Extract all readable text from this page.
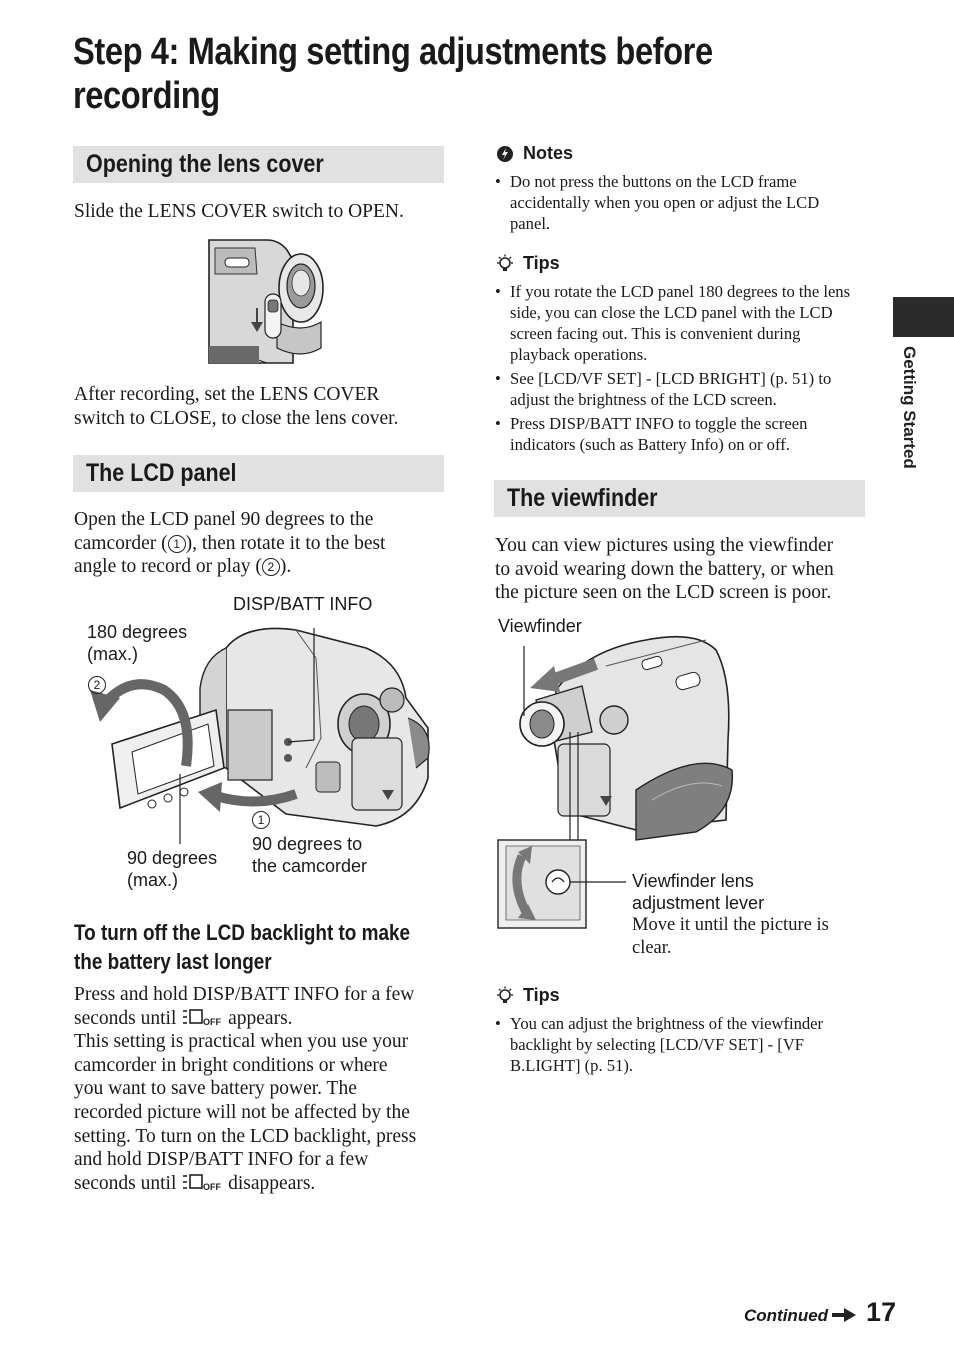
Step 4: Making setting adjustments before
recording
Getting Started
Opening the lens cover
Slide the LENS COVER switch to OPEN.
After recording, set the LENS COVER
switch to CLOSE, to close the lens cover.
The LCD panel
Open the LCD panel 90 degrees to the
camcorder ( 1 ), then rotate it to the best
angle to record or play ( 2 ).
DISP/BATT INFO
180 degrees
(max.)
2
1
90 degrees to
the camcorder
90 degrees
(max.)
To turn off the LCD backlight to make
the battery last longer
Press and hold DISP/BATT INFO for a few
seconds until OFF appears.
This setting is practical when you use your
camcorder in bright conditions or where
you want to save battery power. The
recorded picture will not be affected by the
setting. To turn on the LCD backlight, press
and hold DISP/BATT INFO for a few
seconds until OFF disappears.
Notes
• Do not press the buttons on the LCD frame accidentally when you open or adjust the LCD panel.
Tips
• If you rotate the LCD panel 180 degrees to the lens side, you can close the LCD panel with the LCD screen facing out. This is convenient during playback operations.
• See [LCD/VF SET] - [LCD BRIGHT] (p. 51) to adjust the brightness of the LCD screen.
• Press DISP/BATT INFO to toggle the screen indicators (such as Battery Info) on or off.
The viewfinder
You can view pictures using the viewfinder
to avoid wearing down the battery, or when
the picture seen on the LCD screen is poor.
Viewfinder
Viewfinder lens
adjustment lever
Move it until the picture is
clear.
Tips
• You can adjust the brightness of the viewfinder backlight by selecting [LCD/VF SET] - [VF B.LIGHT] (p. 51).
Continued 17
